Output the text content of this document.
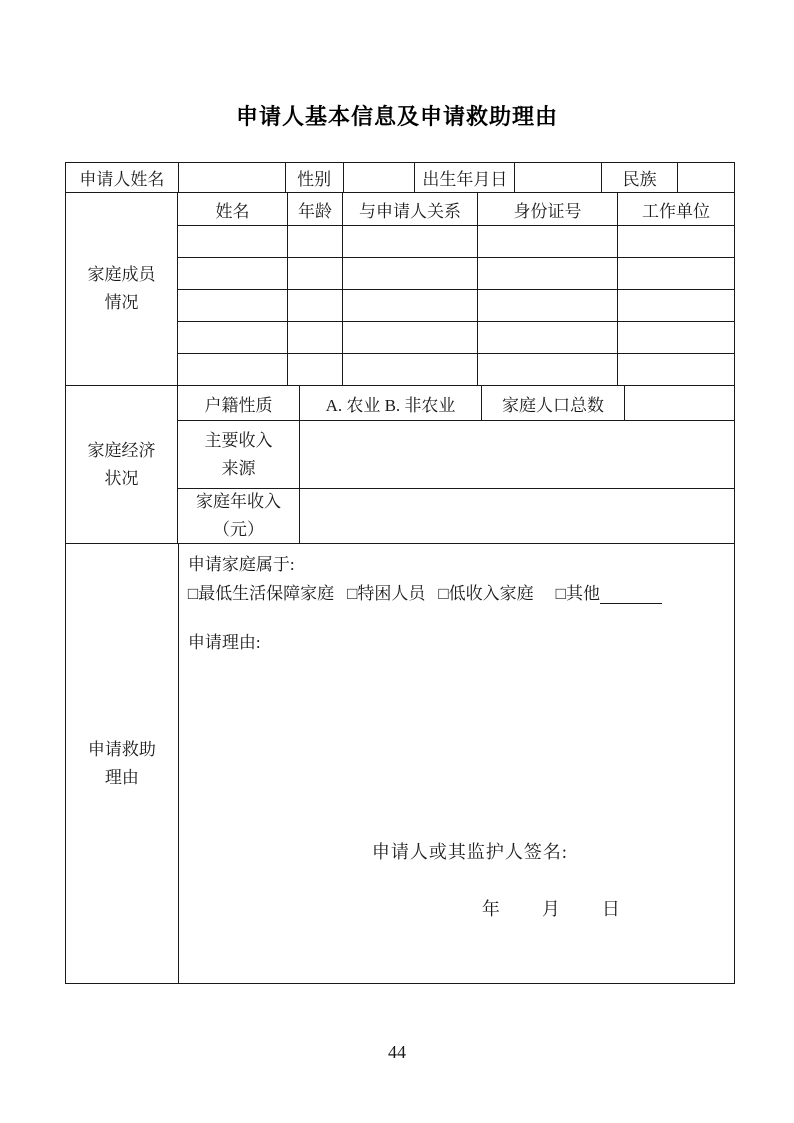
申请人基本信息及申请救助理由
申请人姓名	性别	出生年月日	民族
家庭成员
情况
姓名	年龄	与申请人关系	身份证号	工作单位
家庭经济
状况
户籍性质	A. 农业 B. 非农业	家庭人口总数
主要收入
来源
家庭年收入
（元）
申请救助
理由
申请家庭属于:
□最低生活保障家庭 □特困人员 □低收入家庭 □其他
申请理由:
申请人或其监护人签名:
年 月 日
44
